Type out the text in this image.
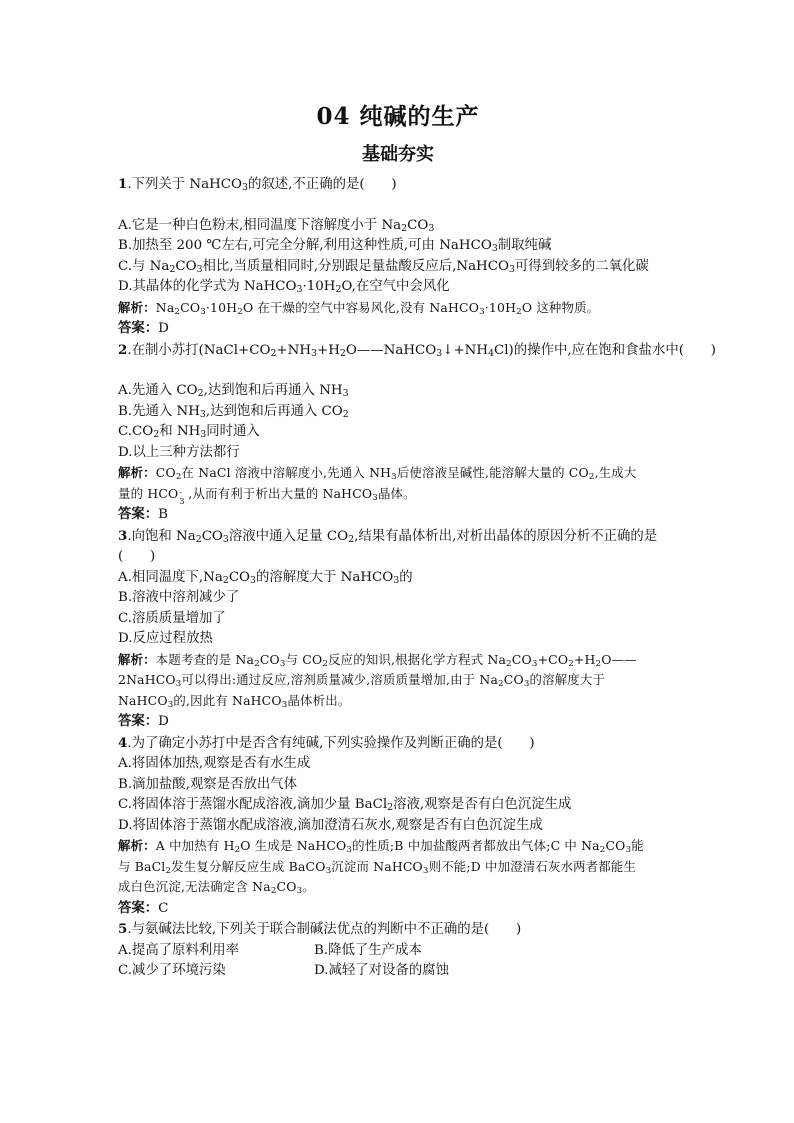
04 纯碱的生产
基础夯实

1.下列关于 NaHCO$_3$的叙述,不正确的是(　　)

A.它是一种白色粉末,相同温度下溶解度小于 $Na_2CO_3$

B.加热至 200 ℃左右,可完全分解,利用这种性质,可由 NaHCO$_3$制取纯碱

C.与 $Na_2CO_3$相比,当质量相同时,分别跟足量盐酸反应后,NaHCO$_3$可得到较多的二氧化碳

D.其晶体的化学式为 $NaHCO_3\cdot 10H_2O$,在空气中会风化

解析：$Na_2CO_3\cdot 10H_2O$ 在干燥的空气中容易风化,没有 $NaHCO_3\cdot 10H_2O$ 这种物质。

答案：D

2.在制小苏打$(NaCl+CO_2+NH_3+H_2O——NaHCO_3↓+NH_4Cl)$的操作中,应在饱和食盐水中(　　)

A.先通入 $CO_2$,达到饱和后再通入 $NH_3$

B.先通入 $NH_3$,达到饱和后再通入 $CO_2$

$C.CO_2$和 $NH_3$同时通入

D.以上三种方法都行

解析：$CO_2$在 NaCl 溶液中溶解度小,先通入 $NH_3$后使溶液呈碱性,能溶解大量的 $CO_2$,生成大

量的 HCO -
3
,从而有利于析出大量的 NaHCO$_3$晶体。

答案：B

3.向饱和 $Na_2CO_3$溶液中通入足量 $CO_2$,结果有晶体析出,对析出晶体的原因分析不正确的是

(　　)

A.相同温度下$,Na_2CO_3$的溶解度大于 NaHCO$_3$的

B.溶液中溶剂减少了

C.溶质质量增加了

D.反应过程放热

解析：本题考查的是 $Na_2CO_3$与 $CO_2$反应的知识,根据化学方程式 $Na_2CO_3+CO_2+H_2O——$

2NaHCO$_3$可以得出:通过反应,溶剂质量减少,溶质质量增加,由于 $Na_2CO_3$的溶解度大于

NaHCO$_3$的,因此有 NaHCO$_3$晶体析出。

答案：D

4.为了确定小苏打中是否含有纯碱,下列实验操作及判断正确的是(　　)

A.将固体加热,观察是否有水生成

B.滴加盐酸,观察是否放出气体

C.将固体溶于蒸馏水配成溶液,滴加少量 BaCl$_2$溶液,观察是否有白色沉淀生成

D.将固体溶于蒸馏水配成溶液,滴加澄清石灰水,观察是否有白色沉淀生成

解析：A 中加热有 $H_2O$ 生成是 NaHCO$_3$的性质;B 中加盐酸两者都放出气体;C 中 $Na_2CO_3$能

与 BaCl$_2$发生复分解反应生成 BaCO$_3$沉淀而 NaHCO$_3$则不能;D 中加澄清石灰水两者都能生

成白色沉淀,无法确定含 $Na_2CO_3$。

答案：C

5.与氨碱法比较,下列关于联合制碱法优点的判断中不正确的是(　　)

A.提高了原料利用率	B.降低了生产成本

C.减少了环境污染	D.减轻了对设备的腐蚀
